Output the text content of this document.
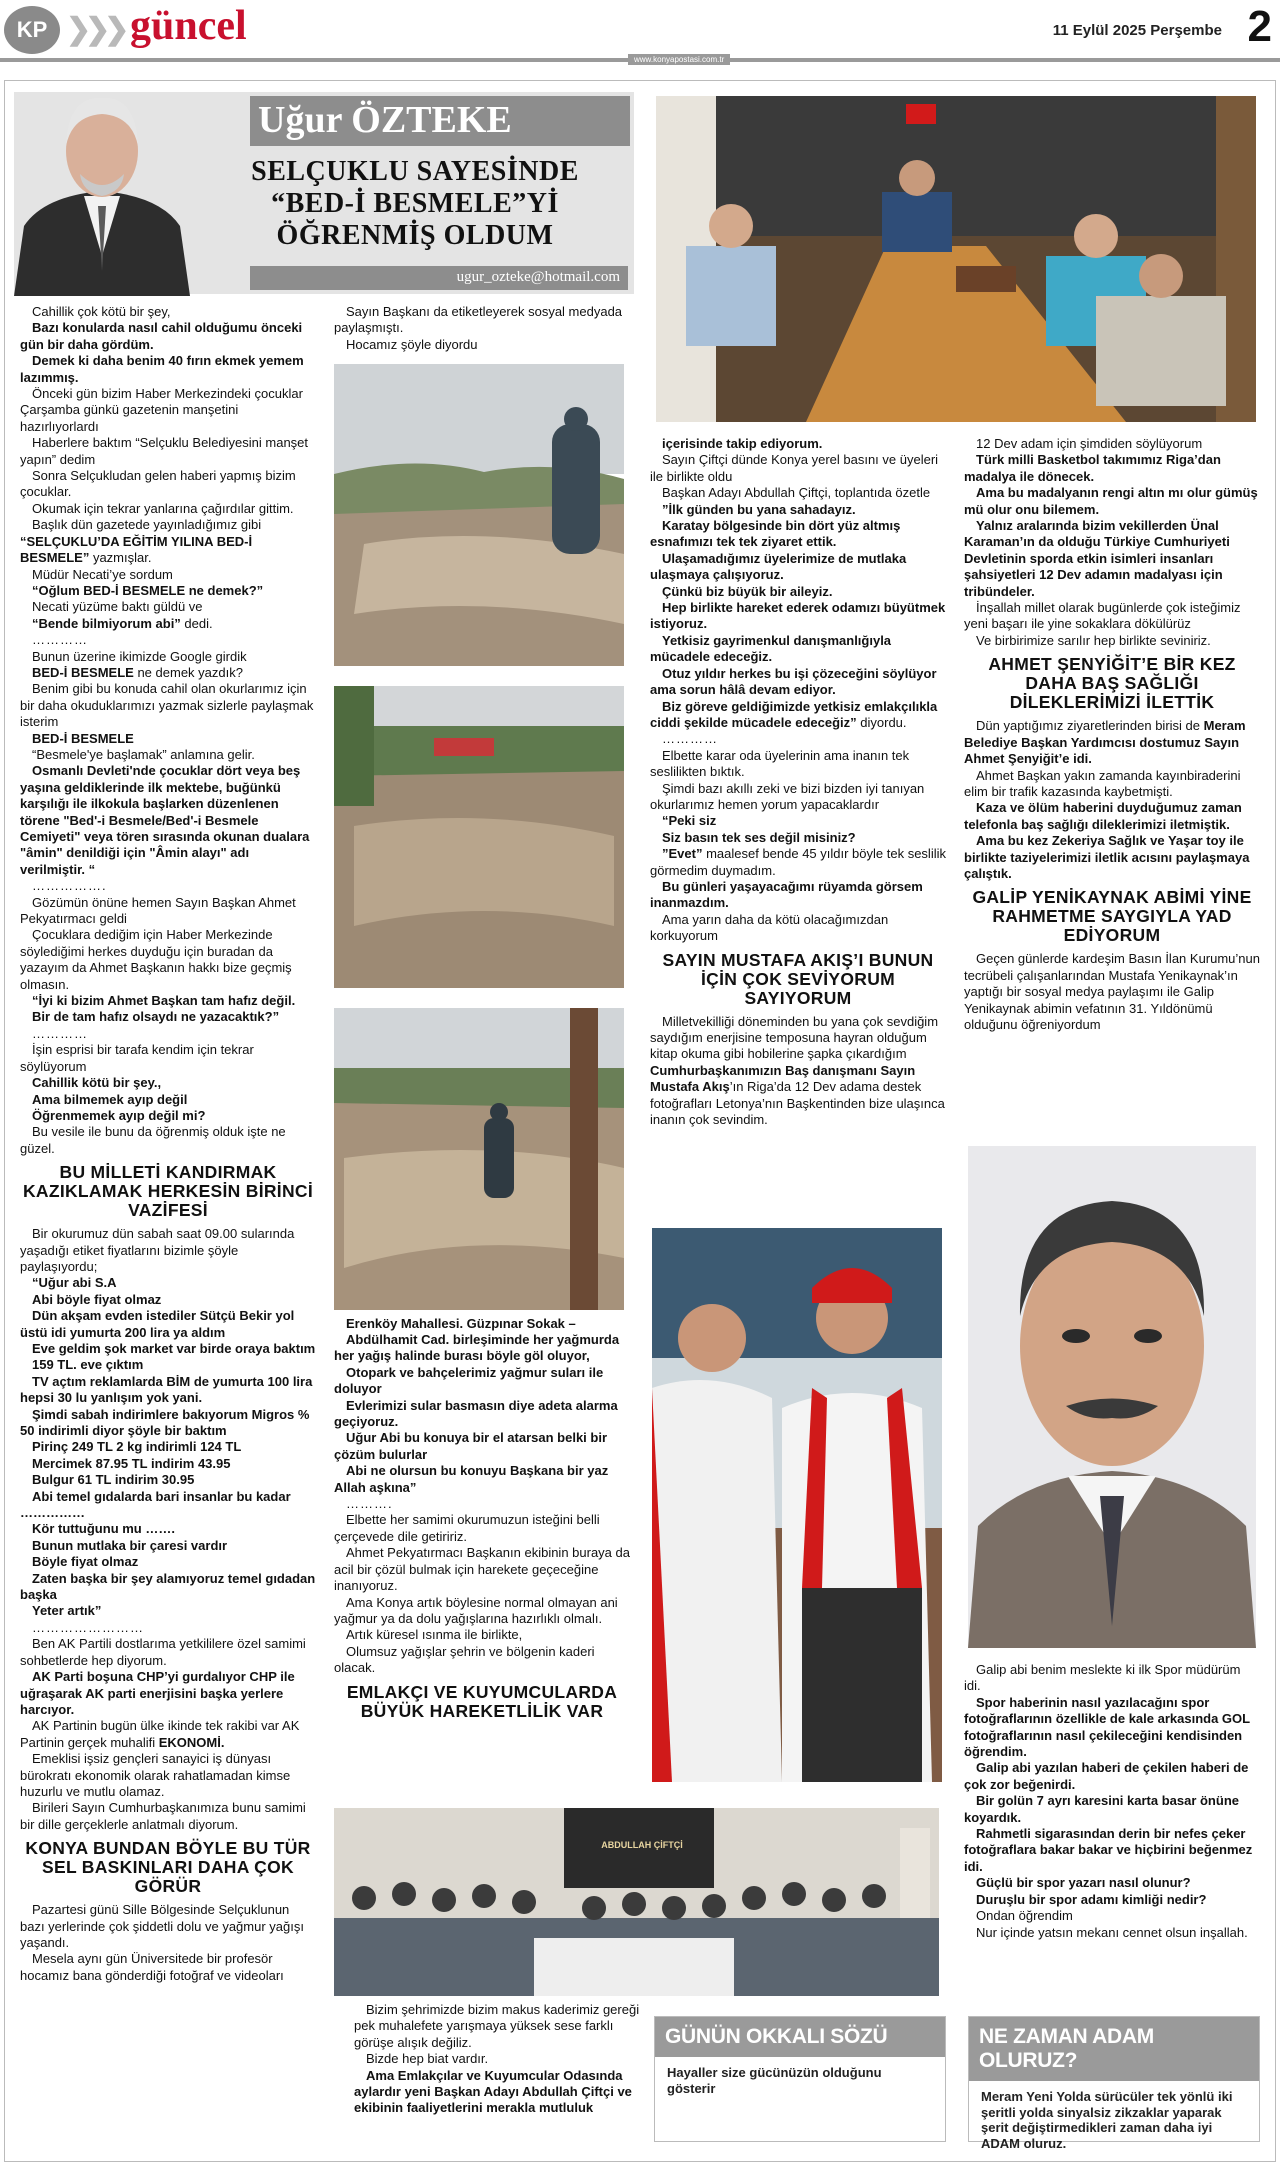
KP ❯❯❯ güncel	11 Eylül 2025 Perşembe 2
www.konyapostasi.com.tr
Uğur ÖZTEKE
SELÇUKLU SAYESİNDE “BED-İ BESMELE”Yİ ÖĞRENMİŞ OLDUM
ugur_ozteke@hotmail.com

Cahillik çok kötü bir şey,

Bazı konularda nasıl cahil olduğumu önceki gün bir daha gördüm.

Demek ki daha benim 40 fırın ekmek yemem lazımmış.

Önceki gün bizim Haber Merkezindeki çocuklar Çarşamba günkü gazetenin manşetini hazırlıyorlardı

Haberlere baktım “Selçuklu Belediyesini manşet yapın” dedim

Sonra Selçukludan gelen haberi yapmış bizim çocuklar.

Okumak için tekrar yanlarına çağırdılar gittim.

Başlık dün gazetede yayınladığımız gibi
“SELÇUKLU’DA EĞİTİM YILINA BED-İ BESMELE” yazmışlar.

Müdür Necati’ye sordum

“Oğlum BED-İ BESMELE ne demek?”

Necati yüzüme baktı güldü ve

“Bende bilmiyorum abi” dedi.

…………

Bunun üzerine ikimizde Google girdik

BED-İ BESMELE ne demek yazdık?

Benim gibi bu konuda cahil olan okurlarımız için bir daha okuduklarımızı yazmak sizlerle paylaşmak isterim

BED-İ BESMELE

“Besmele'ye başlamak” anlamına gelir.

Osmanlı Devleti'nde çocuklar dört veya beş yaşına geldiklerinde ilk mektebe, buğünkü karşılığı ile ilkokula başlarken düzenlenen törene "Bed'-i Besmele/Bed'-i Besmele Cemiyeti" veya tören sırasında okunan dualara "âmin" denildiği için "Âmin alayı" adı verilmiştir. “

…………….

Gözümün önüne hemen Sayın Başkan Ahmet Pekyatırmacı geldi

Çocuklara dediğim için Haber Merkezinde söylediğimi herkes duyduğu için buradan da yazayım da Ahmet Başkanın hakkı bize geçmiş olmasın.

“İyi ki bizim Ahmet Başkan tam hafız değil.

Bir de tam hafız olsaydı ne yazacaktık?”

…………

İşin esprisi bir tarafa kendim için tekrar söylüyorum

Cahillik kötü bir şey.,

Ama bilmemek ayıp değil

Öğrenmemek ayıp değil mi?

Bu vesile ile bunu da öğrenmiş olduk işte ne güzel.

BU MİLLETİ KANDIRMAK KAZIKLAMAK HERKESİN BİRİNCİ VAZİFESİ

Bir okurumuz dün sabah saat 09.00 sularında yaşadığı etiket fiyatlarını bizimle şöyle paylaşıyordu;

“Uğur abi S.A

Abi böyle fiyat olmaz

Dün akşam evden istediler Sütçü Bekir yol üstü idi yumurta 200 lira ya aldım

Eve geldim şok market var birde oraya baktım

159 TL. eve çıktım

TV açtım reklamlarda BİM de yumurta 100 lira hepsi 30 lu yanlışım yok yani.

Şimdi sabah indirimlere bakıyorum Migros % 50 indirimli diyor şöyle bir baktım

Pirinç 249 TL 2 kg indirimli 124 TL

Mercimek 87.95 TL indirim 43.95

Bulgur 61 TL indirim 30.95

Abi temel gıdalarda bari insanlar bu kadar ……………

Kör tuttuğunu mu …….

Bunun mutlaka bir çaresi vardır

Böyle fiyat olmaz

Zaten başka bir şey alamıyoruz temel gıdadan başka

Yeter artık”

……………………

Ben AK Partili dostlarıma yetkililere özel samimi sohbetlerde hep diyorum.

AK Parti boşuna CHP’yi gurdalıyor CHP ile uğraşarak AK parti enerjisini başka yerlere harcıyor.

AK Partinin bugün ülke ikinde tek rakibi var AK Partinin gerçek muhalifi EKONOMİ.

Emeklisi işsiz gençleri sanayici iş dünyası bürokratı ekonomik olarak rahatlamadan kimse huzurlu ve mutlu olamaz.

Birileri Sayın Cumhurbaşkanımıza bunu samimi bir dille gerçeklerle anlatmalı diyorum.

KONYA BUNDAN BÖYLE BU TÜR SEL BASKINLARI DAHA ÇOK GÖRÜR

Pazartesi günü Sille Bölgesinde Selçuklunun bazı yerlerinde çok şiddetli dolu ve yağmur yağışı yaşandı.

Mesela aynı gün Üniversitede bir profesör hocamız bana gönderdiği fotoğraf ve videoları

Sayın Başkanı da etiketleyerek sosyal medyada paylaşmıştı.

Hocamız şöyle diyordu

Erenköy Mahallesi. Güzpınar Sokak –

Abdülhamit Cad. birleşiminde her yağmurda her yağış halinde burası böyle göl oluyor,

Otopark ve bahçelerimiz yağmur suları ile doluyor

Evlerimizi sular basmasın diye adeta alarma geçiyoruz.

Uğur Abi bu konuya bir el atarsan belki bir çözüm bulurlar

Abi ne olursun bu konuyu Başkana bir yaz Allah aşkına”

……….

Elbette her samimi okurumuzun isteğini belli çerçevede dile getiririz.

Ahmet Pekyatırmacı Başkanın ekibinin buraya da acil bir çözül bulmak için harekete geçeceğine inanıyoruz.

Ama Konya artık böylesine normal olmayan ani yağmur ya da dolu yağışlarına hazırlıklı olmalı.

Artık küresel ısınma ile birlikte,

Olumsuz yağışlar şehrin ve bölgenin kaderi olacak.

EMLAKÇI VE KUYUMCULARDA BÜYÜK HAREKETLİLİK VAR
ABDULLAH ÇİFTÇİ

Bizim şehrimizde bizim makus kaderimiz gereği pek muhalefete yarışmaya yüksek sese farklı görüşe alışık değiliz.

Bizde hep biat vardır.

Ama Emlakçılar ve Kuyumcular Odasında aylardır yeni Başkan Adayı Abdullah Çiftçi ve ekibinin faaliyetlerini merakla mutluluk

içerisinde takip ediyorum.

Sayın Çiftçi dünde Konya yerel basını ve üyeleri ile birlikte oldu

Başkan Adayı Abdullah Çiftçi, toplantıda özetle

”İlk günden bu yana sahadayız.

Karatay bölgesinde bin dört yüz altmış esnafımızı tek tek ziyaret ettik.

Ulaşamadığımız üyelerimize de mutlaka ulaşmaya çalışıyoruz.

Çünkü biz büyük bir aileyiz.

Hep birlikte hareket ederek odamızı büyütmek istiyoruz.

Yetkisiz gayrimenkul danışmanlığıyla mücadele edeceğiz.

Otuz yıldır herkes bu işi çözeceğini söylüyor ama sorun hâlâ devam ediyor.

Biz göreve geldiğimizde yetkisiz emlakçılıkla ciddi şekilde mücadele edeceğiz” diyordu.

…………

Elbette karar oda üyelerinin ama inanın tek seslilikten bıktık.

Şimdi bazı akıllı zeki ve bizi bizden iyi tanıyan okurlarımız hemen yorum yapacaklardır

“Peki siz

Siz basın tek ses değil misiniz?

”Evet” maalesef bende 45 yıldır böyle tek seslilik görmedim duymadım.

Bu günleri yaşayacağımı rüyamda görsem inanmazdım.

Ama yarın daha da kötü olacağımızdan korkuyorum

SAYIN MUSTAFA AKIŞ’I BUNUN İÇİN ÇOK SEVİYORUM SAYIYORUM

Milletvekilliği döneminden bu yana çok sevdiğim saydığım enerjisine temposuna hayran olduğum kitap okuma gibi hobilerine şapka çıkardığım Cumhurbaşkanımızın Baş danışmanı Sayın Mustafa Akış’ın Riga’da 12 Dev adama destek fotoğrafları Letonya’nın Başkentinden bize ulaşınca inanın çok sevindim.

12 Dev adam için şimdiden söylüyorum

Türk milli Basketbol takımımız Riga’dan madalya ile dönecek.

Ama bu madalyanın rengi altın mı olur gümüş mü olur onu bilemem.

Yalnız aralarında bizim vekillerden Ünal Karaman’ın da olduğu Türkiye Cumhuriyeti Devletinin sporda etkin isimleri insanları şahsiyetleri 12 Dev adamın madalyası için tribündeler.

İnşallah millet olarak bugünlerde çok isteğimiz yeni başarı ile yine sokaklara dökülürüz

Ve birbirimize sarılır hep birlikte seviniriz.

AHMET ŞENYİĞİT’E BİR KEZ DAHA BAŞ SAĞLIĞI DİLEKLERİMİZİ İLETTİK

Dün yaptığımız ziyaretlerinden birisi de Meram Belediye Başkan Yardımcısı dostumuz Sayın Ahmet Şenyiğit’e idi.

Ahmet Başkan yakın zamanda kayınbiraderini elim bir trafik kazasında kaybetmişti.

Kaza ve ölüm haberini duyduğumuz zaman telefonla baş sağlığı dileklerimizi iletmiştik.

Ama bu kez Zekeriya Sağlık ve Yaşar toy ile birlikte taziyelerimizi iletlik acısını paylaşmaya çalıştık.

GALİP YENİKAYNAK ABİMİ YİNE RAHMETME SAYGIYLA YAD EDİYORUM

Geçen günlerde kardeşim Basın İlan Kurumu’nun tecrübeli çalışanlarından Mustafa Yenikaynak’ın yaptığı bir sosyal medya paylaşımı ile Galip Yenikaynak abimin vefatının 31. Yıldönümü olduğunu öğreniyordum

Galip abi benim meslekte ki ilk Spor müdürüm idi.

Spor haberinin nasıl yazılacağını spor fotoğraflarının özellikle de kale arkasında GOL fotoğraflarının nasıl çekileceğini kendisinden öğrendim.

Galip abi yazılan haberi de çekilen haberi de çok zor beğenirdi.

Bir golün 7 ayrı karesini karta basar önüne koyardık.

Rahmetli sigarasından derin bir nefes çeker fotoğraflara bakar bakar ve hiçbirini beğenmez idi.

Güçlü bir spor yazarı nasıl olunur?

Duruşlu bir spor adamı kimliği nedir?

Ondan öğrendim

Nur içinde yatsın mekanı cennet olsun inşallah.

GÜNÜN OKKALI SÖZÜ
Hayaller size gücünüzün olduğunu gösterir
NE ZAMAN ADAM OLURUZ?
Meram Yeni Yolda sürücüler tek yönlü iki şeritli yolda sinyalsiz zikzaklar yaparak şerit değiştirmedikleri zaman daha iyi ADAM oluruz.
